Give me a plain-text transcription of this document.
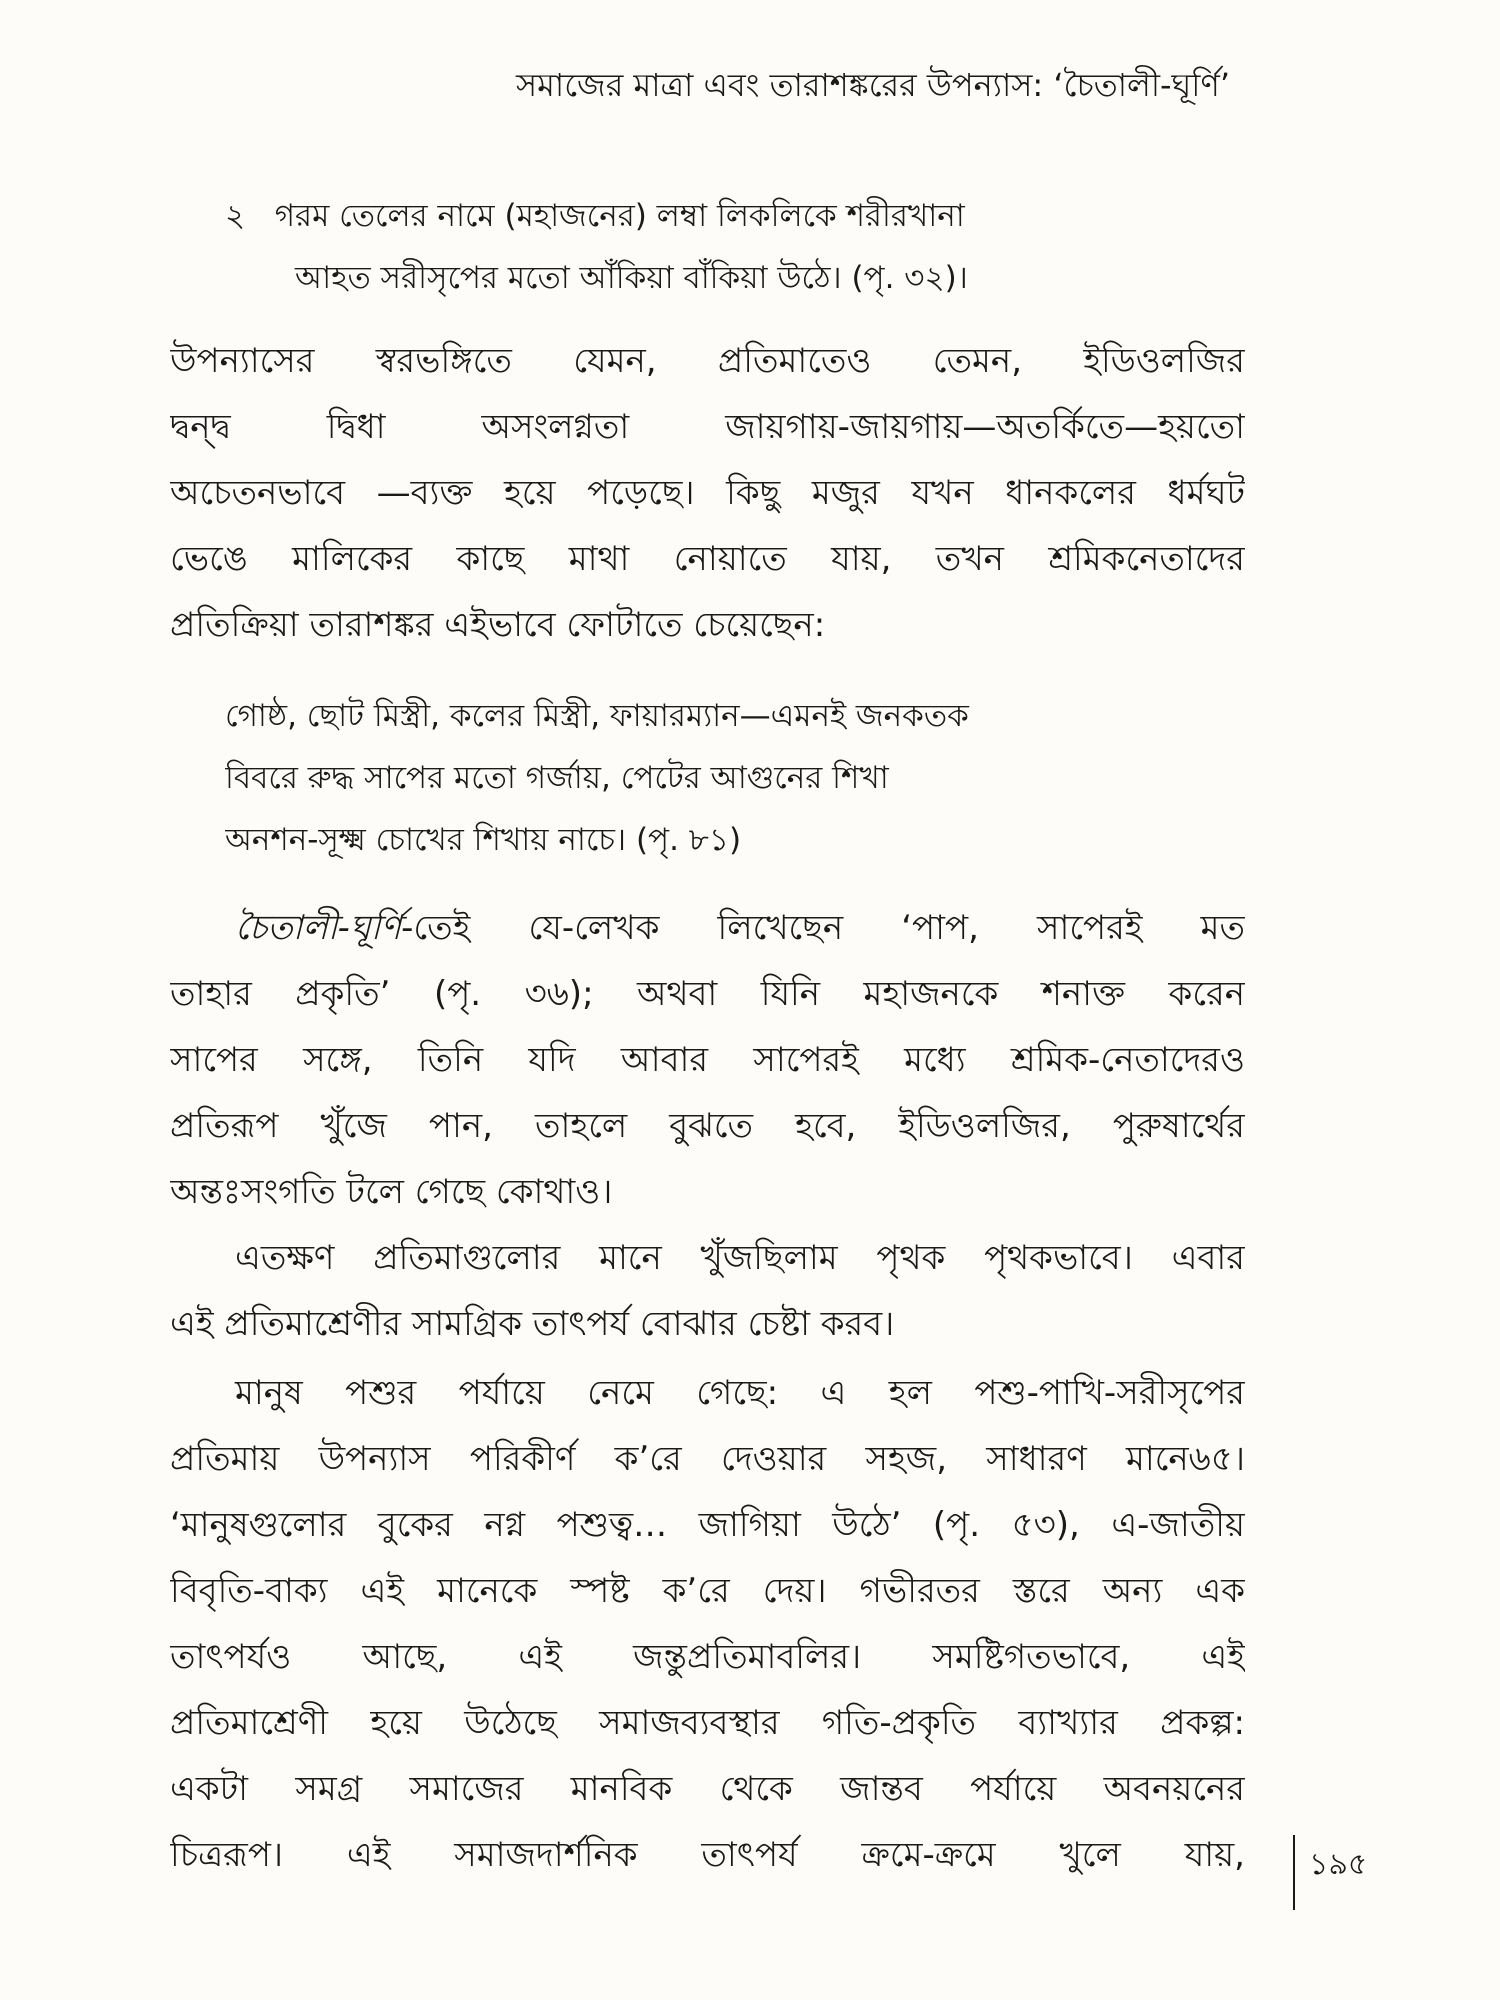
সমাজের মাত্রা এবং তারাশঙ্করের উপন্যাস: ‘চৈতালী-ঘূর্ণি’
২ গরম তেলের নামে (মহাজনের) লম্বা লিকলিকে শরীরখানা
আহত সরীসৃপের মতো আঁকিয়া বাঁকিয়া উঠে। (পৃ. ৩২)।
উপন্যাসের স্বরভঙ্গিতে যেমন, প্রতিমাতেও তেমন, ইডিওলজির
দ্বন্দ্ব দ্বিধা অসংলগ্নতা জায়গায়-জায়গায়—অতর্কিতে—হয়তো
অচেতনভাবে —ব্যক্ত হয়ে পড়েছে। কিছু মজুর যখন ধানকলের ধর্মঘট
ভেঙে মালিকের কাছে মাথা নোয়াতে যায়, তখন শ্রমিকনেতাদের
প্রতিক্রিয়া তারাশঙ্কর এইভাবে ফোটাতে চেয়েছেন:
গোষ্ঠ, ছোট মিস্ত্রী, কলের মিস্ত্রী, ফায়ারম্যান—এমনই জনকতক
বিবরে রুদ্ধ সাপের মতো গর্জায়, পেটের আগুনের শিখা
অনশন-সূক্ষ্ম চোখের শিখায় নাচে। (পৃ. ৮১)
চৈতালী-ঘূর্ণি-তেই যে-লেখক লিখেছেন ‘পাপ, সাপেরই মত
তাহার প্রকৃতি’ (পৃ. ৩৬); অথবা যিনি মহাজনকে শনাক্ত করেন
সাপের সঙ্গে, তিনি যদি আবার সাপেরই মধ্যে শ্রমিক-নেতাদেরও
প্রতিরূপ খুঁজে পান, তাহলে বুঝতে হবে, ইডিওলজির, পুরুষার্থের
অন্তঃসংগতি টলে গেছে কোথাও।
এতক্ষণ প্রতিমাগুলোর মানে খুঁজছিলাম পৃথক পৃথকভাবে। এবার
এই প্রতিমাশ্রেণীর সামগ্রিক তাৎপর্য বোঝার চেষ্টা করব।
মানুষ পশুর পর্যায়ে নেমে গেছে: এ হল পশু-পাখি-সরীসৃপের
প্রতিমায় উপন্যাস পরিকীর্ণ ক’রে দেওয়ার সহজ, সাধারণ মানে৬৫।
‘মানুষগুলোর বুকের নগ্ন পশুত্ব… জাগিয়া উঠে’ (পৃ. ৫৩), এ-জাতীয়
বিবৃতি-বাক্য এই মানেকে স্পষ্ট ক’রে দেয়। গভীরতর স্তরে অন্য এক
তাৎপর্যও আছে, এই জন্তুপ্রতিমাবলির। সমষ্টিগতভাবে, এই
প্রতিমাশ্রেণী হয়ে উঠেছে সমাজব্যবস্থার গতি-প্রকৃতি ব্যাখ্যার প্রকল্প:
একটা সমগ্র সমাজের মানবিক থেকে জান্তব পর্যায়ে অবনয়নের
চিত্ররূপ। এই সমাজদার্শনিক তাৎপর্য ক্রমে-ক্রমে খুলে যায়,	১৯৫
